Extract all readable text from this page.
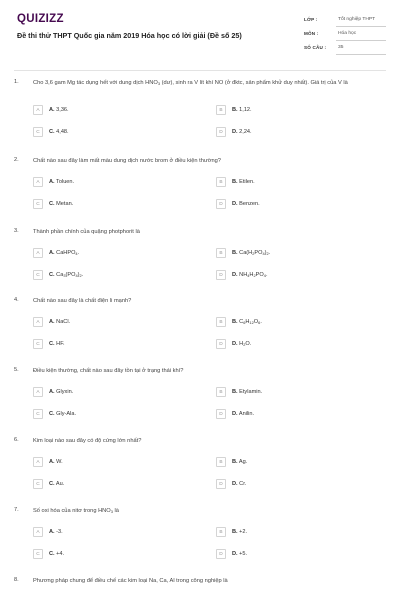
QUIZIZZ
Đề thi thử THPT Quốc gia năm 2019 Hóa học có lời giải (Đề số 25)
LỚP :	Tốt nghiệp THPT
MÔN :	Hóa học
SỐ CÂU : 35
1.	Cho 3,6 gam Mg tác dụng hết với dung dịch $HNO_3$ (dư), sinh ra V lít khí NO (ở đktc, sản phẩm khử duy nhất). Giá trị của V là
A	A. 3,36.	B	B. 1,12.
C	C. 4,48.	D	D. 2,24.
2.	Chất nào sau đây làm mất màu dung dịch nước brom ở điều kiện thường?
A	A. Toluen.	B	B. Etilen.
C	C. Metan.	D	D. Benzen.
3.	Thành phần chính của quặng photphorit là
A	A. CaHPO$_4$.	B	B. $Ca(H_2PO_4)_2$.
C	C. $Ca_3(PO_4)_2$.	D	D. $NH_4H_2PO_4$.
4.	Chất nào sau đây là chất điện li mạnh?
A	A. NaCl.	B	B. $C_6H_{12}O_6$.
C	C. HF.	D	D. $H_2O$.
5.	Điều kiện thường, chất nào sau đây tồn tại ở trạng thái khí?
A	A. Glyxin.	B	B. Etylamin.
C	C. Gly-Ala.	D	D. Anilin.
6.	Kim loại nào sau đây có độ cứng lớn nhất?
A	A. W.	B	B. Ag.
C	C. Au.	D	D. Cr.
7.	Số oxi hóa của nitơ trong $HNO_3$ là
A	A. -3.	B	B. +2.
C	C. +4.	D	D. +5.
8.	Phương pháp chung để điều chế các kim loại Na, Ca, Al trong công nghiệp là
